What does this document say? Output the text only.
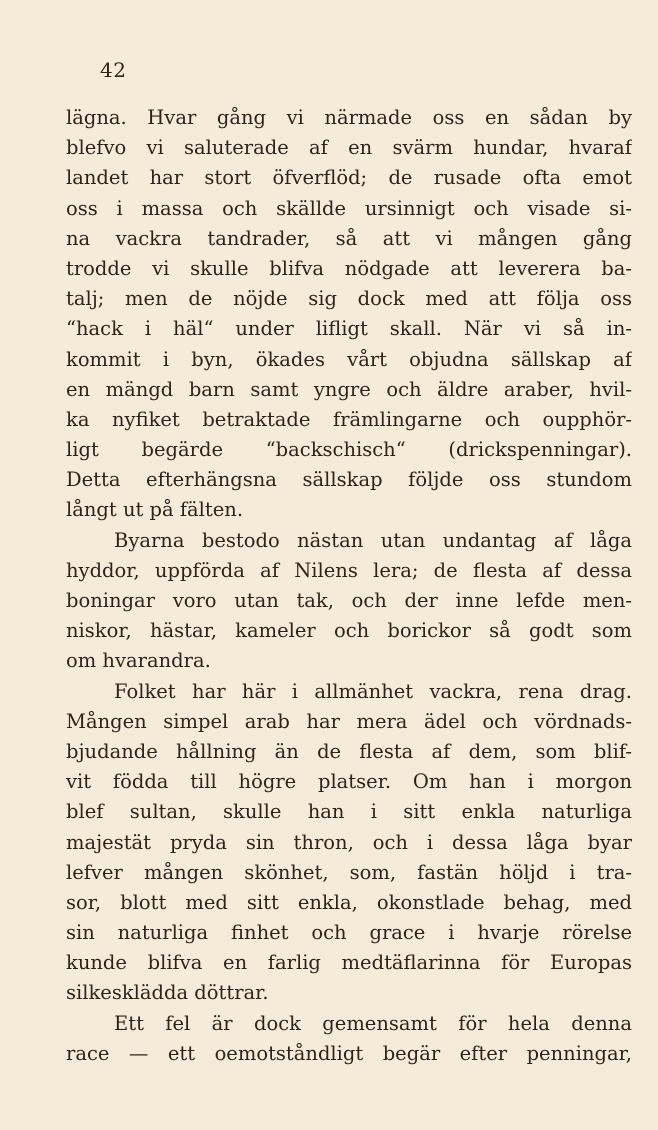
42
lägna. Hvar gång vi närmade oss en sådan by
blefvo vi saluterade af en svärm hundar, hvaraf
landet har stort öfverflöd; de rusade ofta emot
oss i massa och skällde ursinnigt och visade si-
na vackra tandrader, så att vi mången gång
trodde vi skulle blifva nödgade att leverera ba-
talj; men de nöjde sig dock med att följa oss
“hack i häl“ under lifligt skall. När vi så in-
kommit i byn, ökades vårt objudna sällskap af
en mängd barn samt yngre och äldre araber, hvil-
ka nyfiket betraktade främlingarne och oupphör-
ligt begärde “backschisch“ (drickspenningar).
Detta efterhängsna sällskap följde oss stundom
långt ut på fälten.
Byarna bestodo nästan utan undantag af låga
hyddor, uppförda af Nilens lera; de flesta af dessa
boningar voro utan tak, och der inne lefde men-
niskor, hästar, kameler och borickor så godt som
om hvarandra.
Folket har här i allmänhet vackra, rena drag.
Mången simpel arab har mera ädel och vördnads-
bjudande hållning än de flesta af dem, som blif-
vit födda till högre platser. Om han i morgon
blef sultan, skulle han i sitt enkla naturliga
majestät pryda sin thron, och i dessa låga byar
lefver mången skönhet, som, fastän höljd i tra-
sor, blott med sitt enkla, okonstlade behag, med
sin naturliga finhet och grace i hvarje rörelse
kunde blifva en farlig medtäflarinna för Europas
silkesklädda döttrar.
Ett fel är dock gemensamt för hela denna
race — ett oemotståndligt begär efter penningar,
